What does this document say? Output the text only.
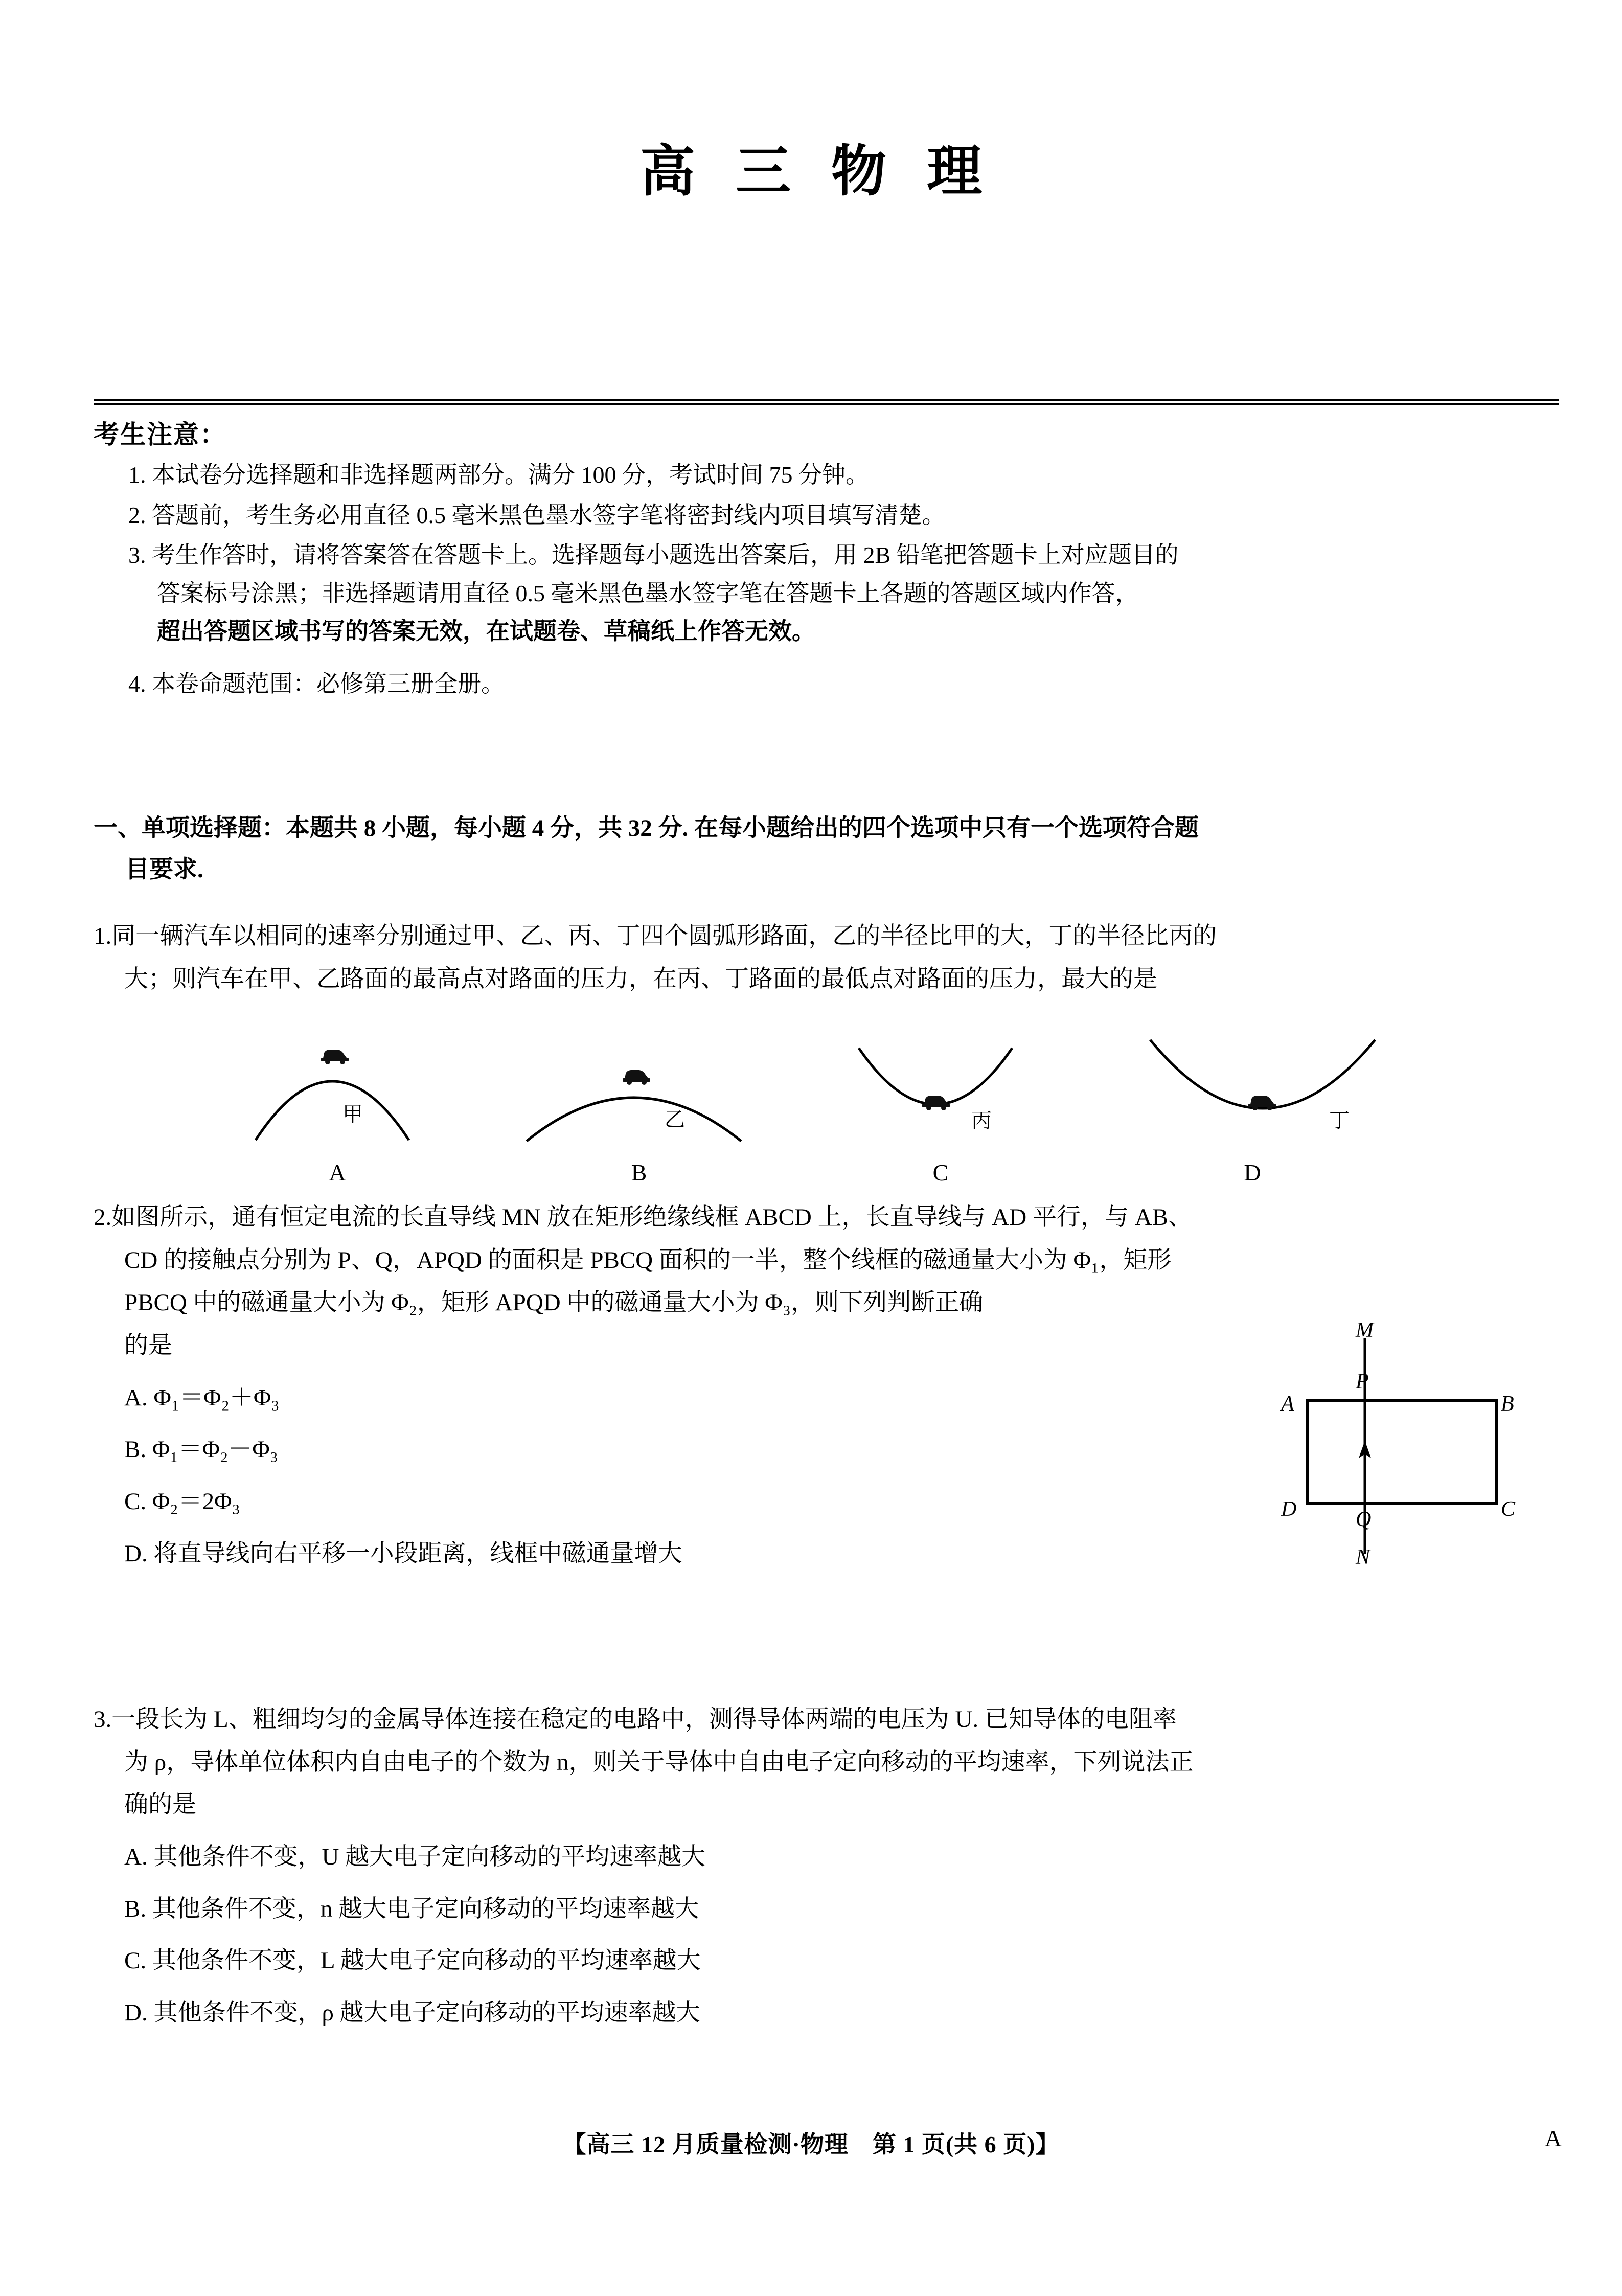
高 三 物 理
考生注意：
1. 本试卷分选择题和非选择题两部分。满分 100 分，考试时间 75 分钟。
2. 答题前，考生务必用直径 0.5 毫米黑色墨水签字笔将密封线内项目填写清楚。
3. 考生作答时，请将答案答在答题卡上。选择题每小题选出答案后，用 2B 铅笔把答题卡上对应题目的
答案标号涂黑；非选择题请用直径 0.5 毫米黑色墨水签字笔在答题卡上各题的答题区域内作答，
超出答题区域书写的答案无效，在试题卷、草稿纸上作答无效。
4. 本卷命题范围：必修第三册全册。
一、单项选择题：本题共 8 小题，每小题 4 分，共 32 分. 在每小题给出的四个选项中只有一个选项符合题
目要求.
1.同一辆汽车以相同的速率分别通过甲、乙、丙、丁四个圆弧形路面，乙的半径比甲的大，丁的半径比丙的
大；则汽车在甲、乙路面的最高点对路面的压力，在丙、丁路面的最低点对路面的压力，最大的是
甲
A
乙
B
丙
C
丁
D
2.如图所示，通有恒定电流的长直导线 MN 放在矩形绝缘线框 ABCD 上，长直导线与 AD 平行，与 AB、
CD 的接触点分别为 P、Q，APQD 的面积是 PBCQ 面积的一半，整个线框的磁通量大小为 Φ₁，矩形
PBCQ 中的磁通量大小为 Φ₂，矩形 APQD 中的磁通量大小为 Φ₃，则下列判断正确
的是
A. Φ₁＝Φ₂＋Φ₃
B. Φ₁＝Φ₂－Φ₃
C. Φ₂＝2Φ₃
D. 将直导线向右平移一小段距离，线框中磁通量增大
M
P
A	B
D	C
Q
N
3.一段长为 L、粗细均匀的金属导体连接在稳定的电路中，测得导体两端的电压为 U. 已知导体的电阻率
为 ρ，导体单位体积内自由电子的个数为 n，则关于导体中自由电子定向移动的平均速率，下列说法正
确的是
A. 其他条件不变，U 越大电子定向移动的平均速率越大
B. 其他条件不变，n 越大电子定向移动的平均速率越大
C. 其他条件不变，L 越大电子定向移动的平均速率越大
D. 其他条件不变，ρ 越大电子定向移动的平均速率越大
【高三 12 月质量检测·物理　第 1 页(共 6 页)】	A
